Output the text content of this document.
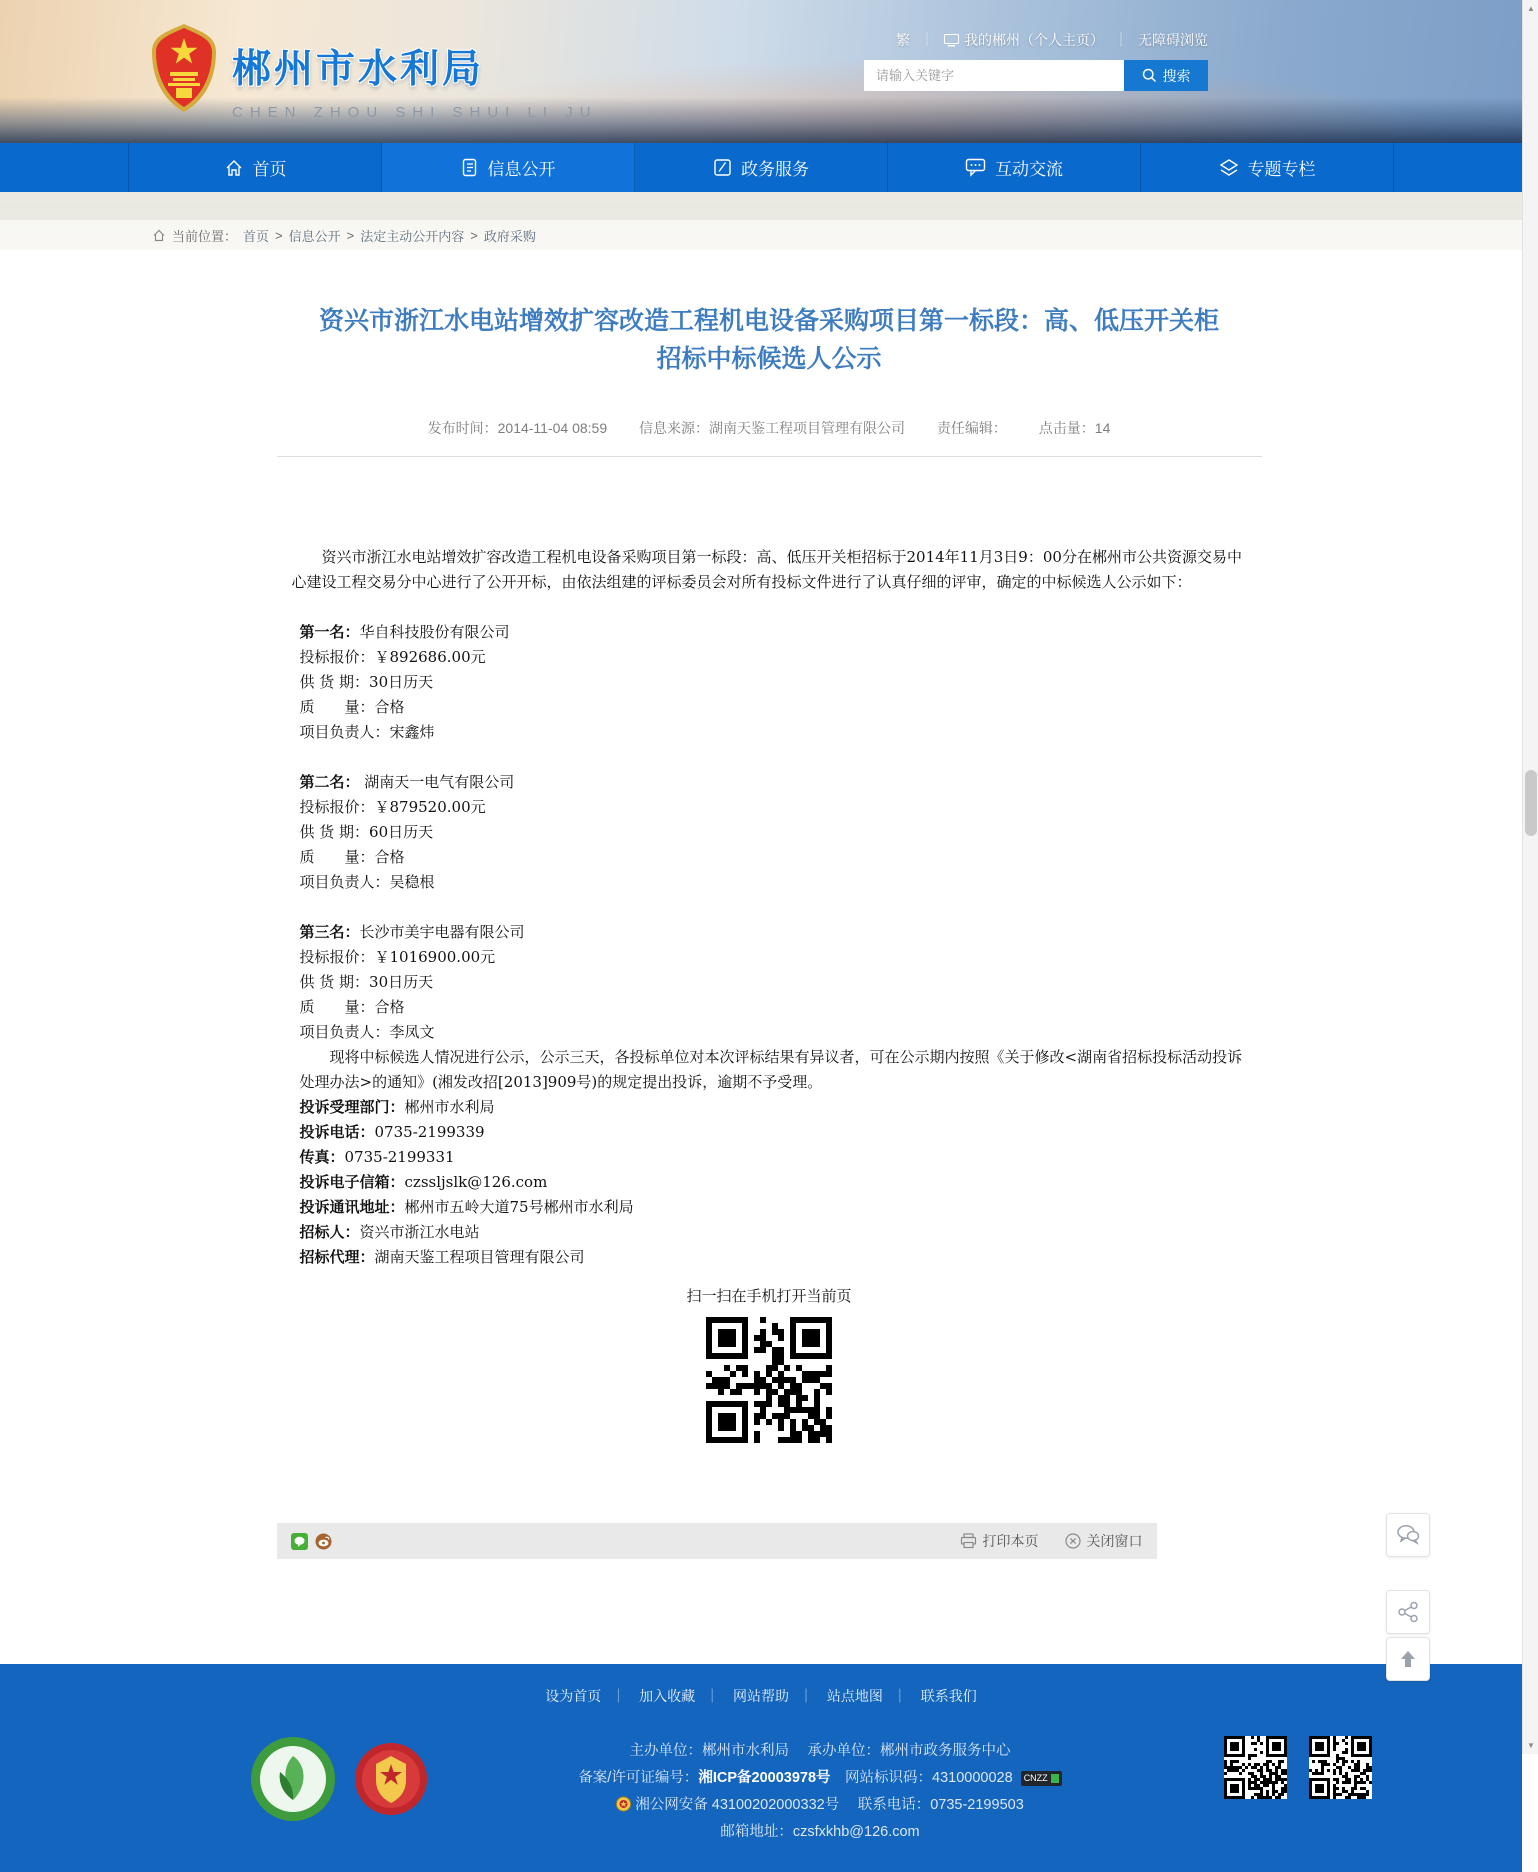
郴州市水利局
CHEN ZHOU SHI SHUI LI JU
繁 ｜ 我的郴州（个人主页） ｜ 无障碍浏览
请输入关键字
搜索
首页	信息公开	政务服务	互动交流	专题专栏
当前位置： 首页 > 信息公开 > 法定主动公开内容 > 政府采购
资兴市浙江水电站增效扩容改造工程机电设备采购项目第一标段：高、低压开关柜招标中标候选人公示
发布时间：2014-11-04 08:59 信息来源：湖南天鉴工程项目管理有限公司 责任编辑： 点击量：14

资兴市浙江水电站增效扩容改造工程机电设备采购项目第一标段：高、低压开关柜招标于2014年11月3日9：00分在郴州市公共资源交易中心建设工程交易分中心进行了公开开标，由依法组建的评标委员会对所有投标文件进行了认真仔细的评审，确定的中标候选人公示如下：

第一名：华自科技股份有限公司

投标报价：￥892686.00元

供 货 期：30日历天

质　　量：合格

项目负责人：宋鑫炜

第二名： 湖南天一电气有限公司

投标报价：￥879520.00元

供 货 期：60日历天

质　　量：合格

项目负责人：吴稳根

第三名：长沙市美宇电器有限公司

投标报价：￥1016900.00元

供 货 期：30日历天

质　　量：合格

项目负责人：李凤文

现将中标候选人情况进行公示，公示三天，各投标单位对本次评标结果有异议者，可在公示期内按照《关于修改<湖南省招标投标活动投诉处理办法>的通知》(湘发改招[2013]909号)的规定提出投诉，逾期不予受理。

投诉受理部门：郴州市水利局

投诉电话：0735-2199339

传真：0735-2199331

投诉电子信箱：czssljslk@126.com

投诉通讯地址：郴州市五岭大道75号郴州市水利局

招标人：资兴市浙江水电站

招标代理：湖南天鉴工程项目管理有限公司

扫一扫在手机打开当前页
打印本页	关闭窗口
设为首页 ｜ 加入收藏 ｜ 网站帮助 ｜ 站点地图 ｜ 联系我们
主办单位：郴州市水利局　 承办单位：郴州市政务服务中心
备案/许可证编号：湘ICP备20003978号　网站标识码：4310000028 CNZZ
湘公网安备 43100202000332号　 联系电话：0735-2199503
邮箱地址：czsfxkhb@126.com
▲
▼
